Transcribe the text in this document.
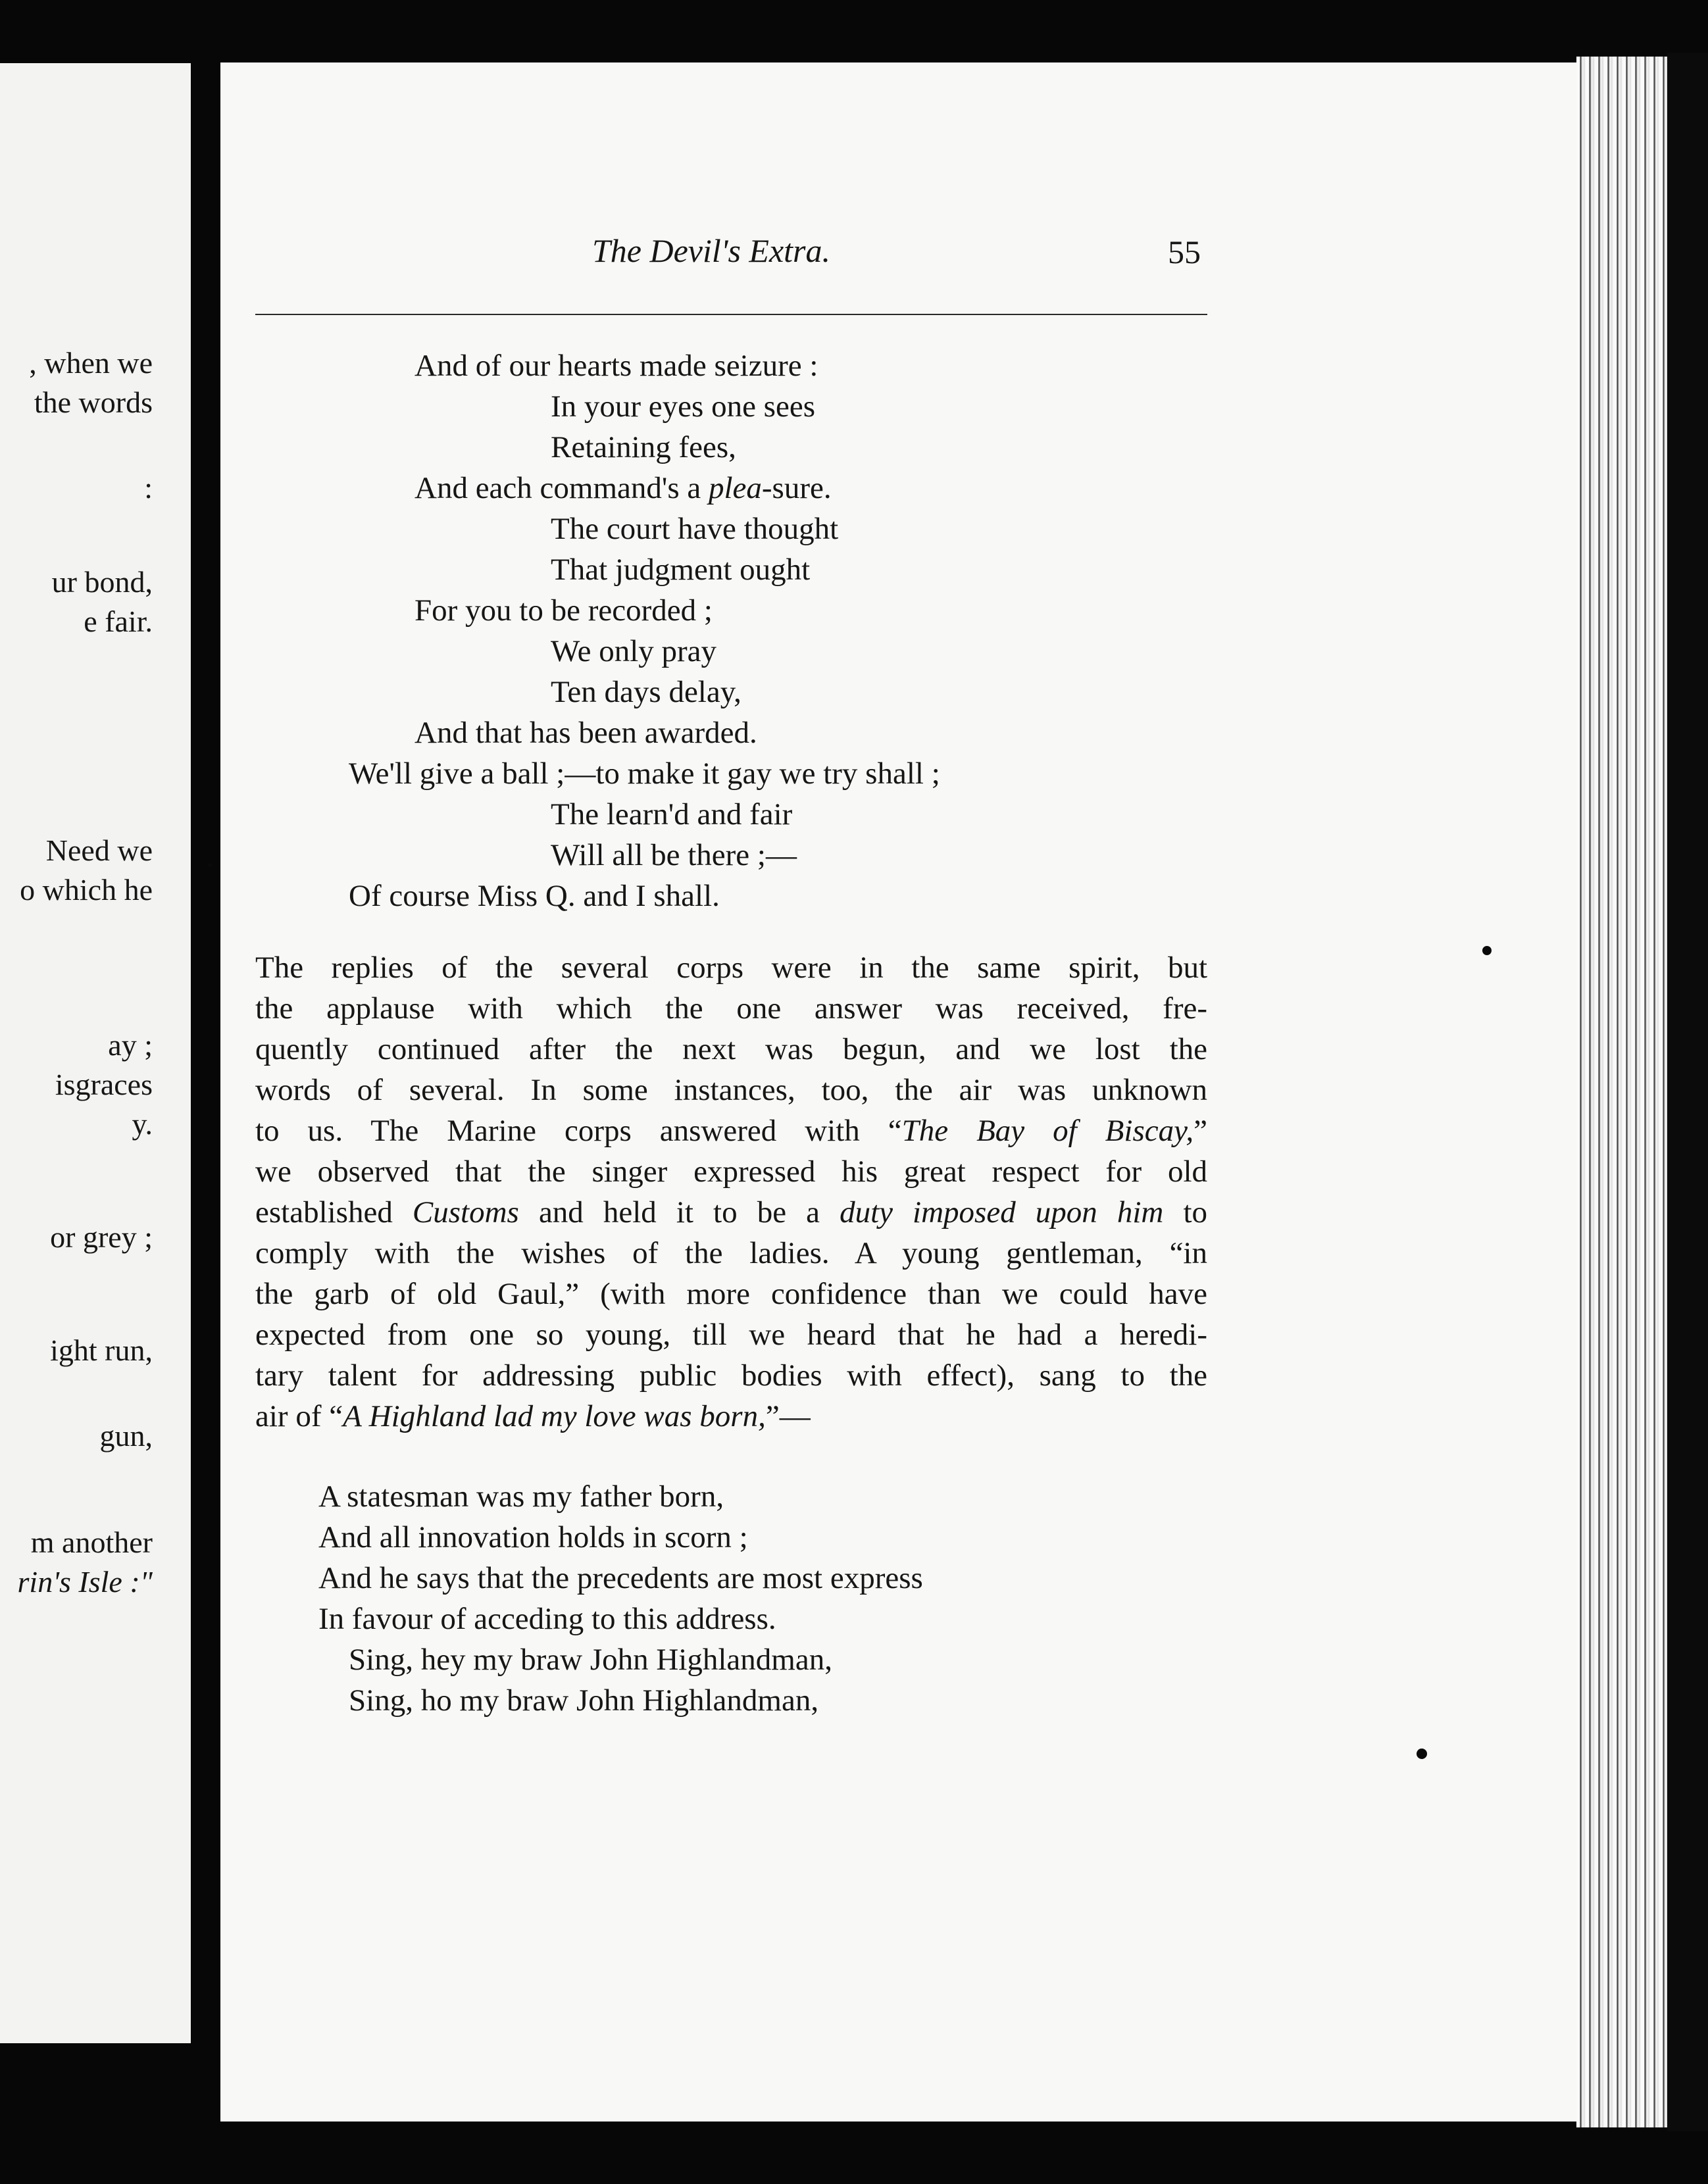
, when we
the words
:
ur bond,
e fair.
Need we
o which he
ay ;
isgraces
y.
or grey ;
ight run,
gun,
m another
rin's Isle :"
The Devil's Extra.	55
And of our hearts made seizure :
In your eyes one sees
Retaining fees,
And each command's a plea-sure.
The court have thought
That judgment ought
For you to be recorded ;
We only pray
Ten days delay,
And that has been awarded.
We'll give a ball ;—to make it gay we try shall ;
The learn'd and fair
Will all be there ;—
Of course Miss Q. and I shall.
The replies of the several corps were in the same spirit, but
the applause with which the one answer was received, fre-
quently continued after the next was begun, and we lost the
words of several. In some instances, too, the air was unknown
to us. The Marine corps answered with “The Bay of Biscay,”
we observed that the singer expressed his great respect for old
established Customs and held it to be a duty imposed upon him to
comply with the wishes of the ladies. A young gentleman, “in
the garb of old Gaul,” (with more confidence than we could have
expected from one so young, till we heard that he had a heredi-
tary talent for addressing public bodies with effect), sang to the
air of “A Highland lad my love was born,”—
A statesman was my father born,
And all innovation holds in scorn ;
And he says that the precedents are most express
In favour of acceding to this address.
Sing, hey my braw John Highlandman,
Sing, ho my braw John Highlandman,
